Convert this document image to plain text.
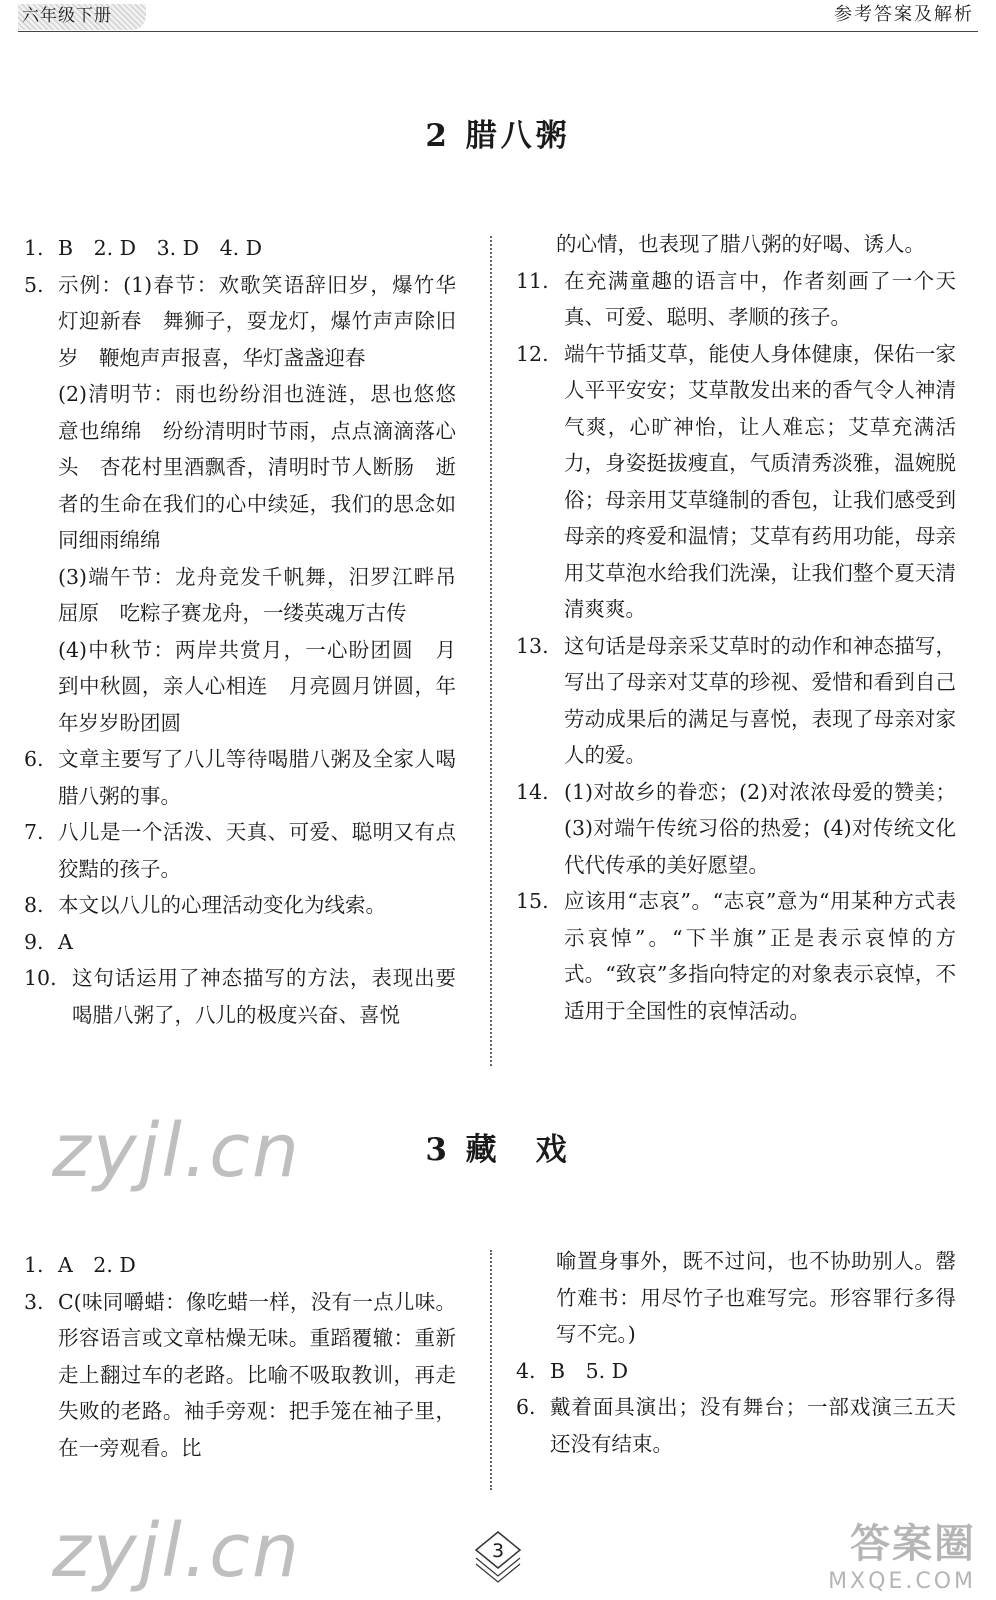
六年级下册	参考答案及解析
2 腊八粥
1. B　2. D　3. D　4. D
5. 示例：(1)春节：欢歌笑语辞旧岁，爆竹华灯迎新春　舞狮子，耍龙灯，爆竹声声除旧岁　鞭炮声声报喜，华灯盏盏迎春
(2)清明节：雨也纷纷泪也涟涟，思也悠悠意也绵绵　纷纷清明时节雨，点点滴滴落心头　杏花村里酒飘香，清明时节人断肠　逝者的生命在我们的心中续延，我们的思念如同细雨绵绵
(3)端午节：龙舟竞发千帆舞，汨罗江畔吊屈原　吃粽子赛龙舟，一缕英魂万古传
(4)中秋节：两岸共赏月，一心盼团圆　月到中秋圆，亲人心相连　月亮圆月饼圆，年年岁岁盼团圆
6. 文章主要写了八儿等待喝腊八粥及全家人喝腊八粥的事。
7. 八儿是一个活泼、天真、可爱、聪明又有点狡黠的孩子。
8. 本文以八儿的心理活动变化为线索。
9. A
10. 这句话运用了神态描写的方法，表现出要喝腊八粥了，八儿的极度兴奋、喜悦
的心情，也表现了腊八粥的好喝、诱人。
11. 在充满童趣的语言中，作者刻画了一个天真、可爱、聪明、孝顺的孩子。
12. 端午节插艾草，能使人身体健康，保佑一家人平平安安；艾草散发出来的香气令人神清气爽，心旷神怡，让人难忘；艾草充满活力，身姿挺拔瘦直，气质清秀淡雅，温婉脱俗；母亲用艾草缝制的香包，让我们感受到母亲的疼爱和温情；艾草有药用功能，母亲用艾草泡水给我们洗澡，让我们整个夏天清清爽爽。
13. 这句话是母亲采艾草时的动作和神态描写，写出了母亲对艾草的珍视、爱惜和看到自己劳动成果后的满足与喜悦，表现了母亲对家人的爱。
14. (1)对故乡的眷恋；(2)对浓浓母爱的赞美；(3)对端午传统习俗的热爱；(4)对传统文化代代传承的美好愿望。
15. 应该用“志哀”。“志哀”意为“用某种方式表示哀悼”。“下半旗”正是表示哀悼的方式。“致哀”多指向特定的对象表示哀悼，不适用于全国性的哀悼活动。
zyjl.cn	3 藏　戏
1. A　2. D
3. C(味同嚼蜡：像吃蜡一样，没有一点儿味。形容语言或文章枯燥无味。重蹈覆辙：重新走上翻过车的老路。比喻不吸取教训，再走失败的老路。袖手旁观：把手笼在袖子里，在一旁观看。比
喻置身事外，既不过问，也不协助别人。罄竹难书：用尽竹子也难写完。形容罪行多得写不完。)
4. B　5. D
6. 戴着面具演出；没有舞台；一部戏演三五天还没有结束。
zyjl.cn	3	答案圈
MXQE.COM
